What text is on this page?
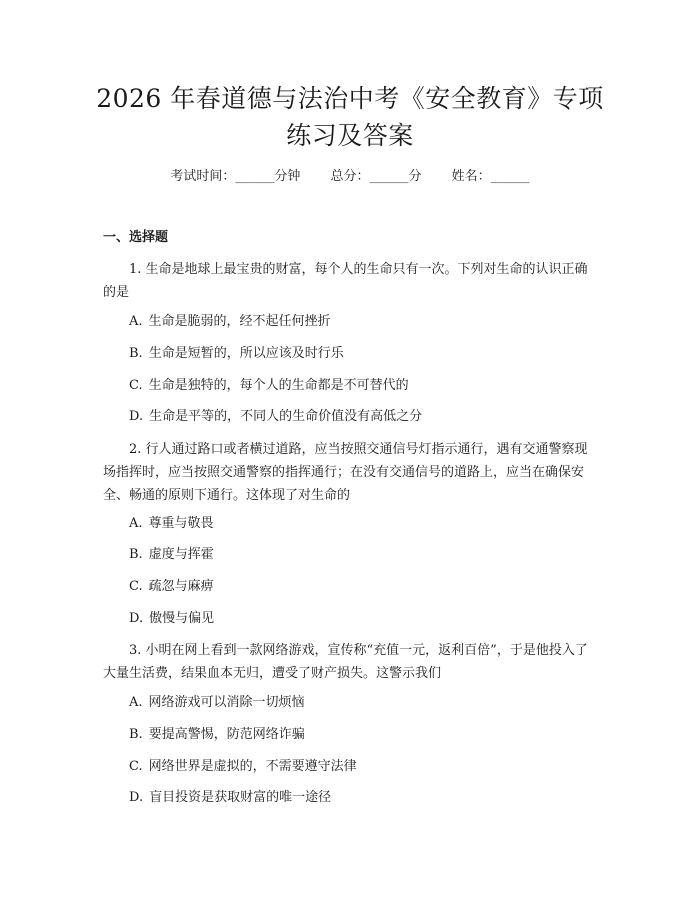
2026 年春道德与法治中考《安全教育》专项
练习及答案
考试时间：______分钟 总分：______分 姓名：______
一、选择题
1. 生命是地球上最宝贵的财富，每个人的生命只有一次。下列对生命的认识正确的是
A. 生命是脆弱的，经不起任何挫折
B. 生命是短暂的，所以应该及时行乐
C. 生命是独特的，每个人的生命都是不可替代的
D. 生命是平等的，不同人的生命价值没有高低之分
2. 行人通过路口或者横过道路，应当按照交通信号灯指示通行，遇有交通警察现场指挥时，应当按照交通警察的指挥通行；在没有交通信号的道路上，应当在确保安全、畅通的原则下通行。这体现了对生命的
A. 尊重与敬畏
B. 虚度与挥霍
C. 疏忽与麻痹
D. 傲慢与偏见
3. 小明在网上看到一款网络游戏，宣传称“充值一元，返利百倍”，于是他投入了大量生活费，结果血本无归，遭受了财产损失。这警示我们
A. 网络游戏可以消除一切烦恼
B. 要提高警惕，防范网络诈骗
C. 网络世界是虚拟的，不需要遵守法律
D. 盲目投资是获取财富的唯一途径
